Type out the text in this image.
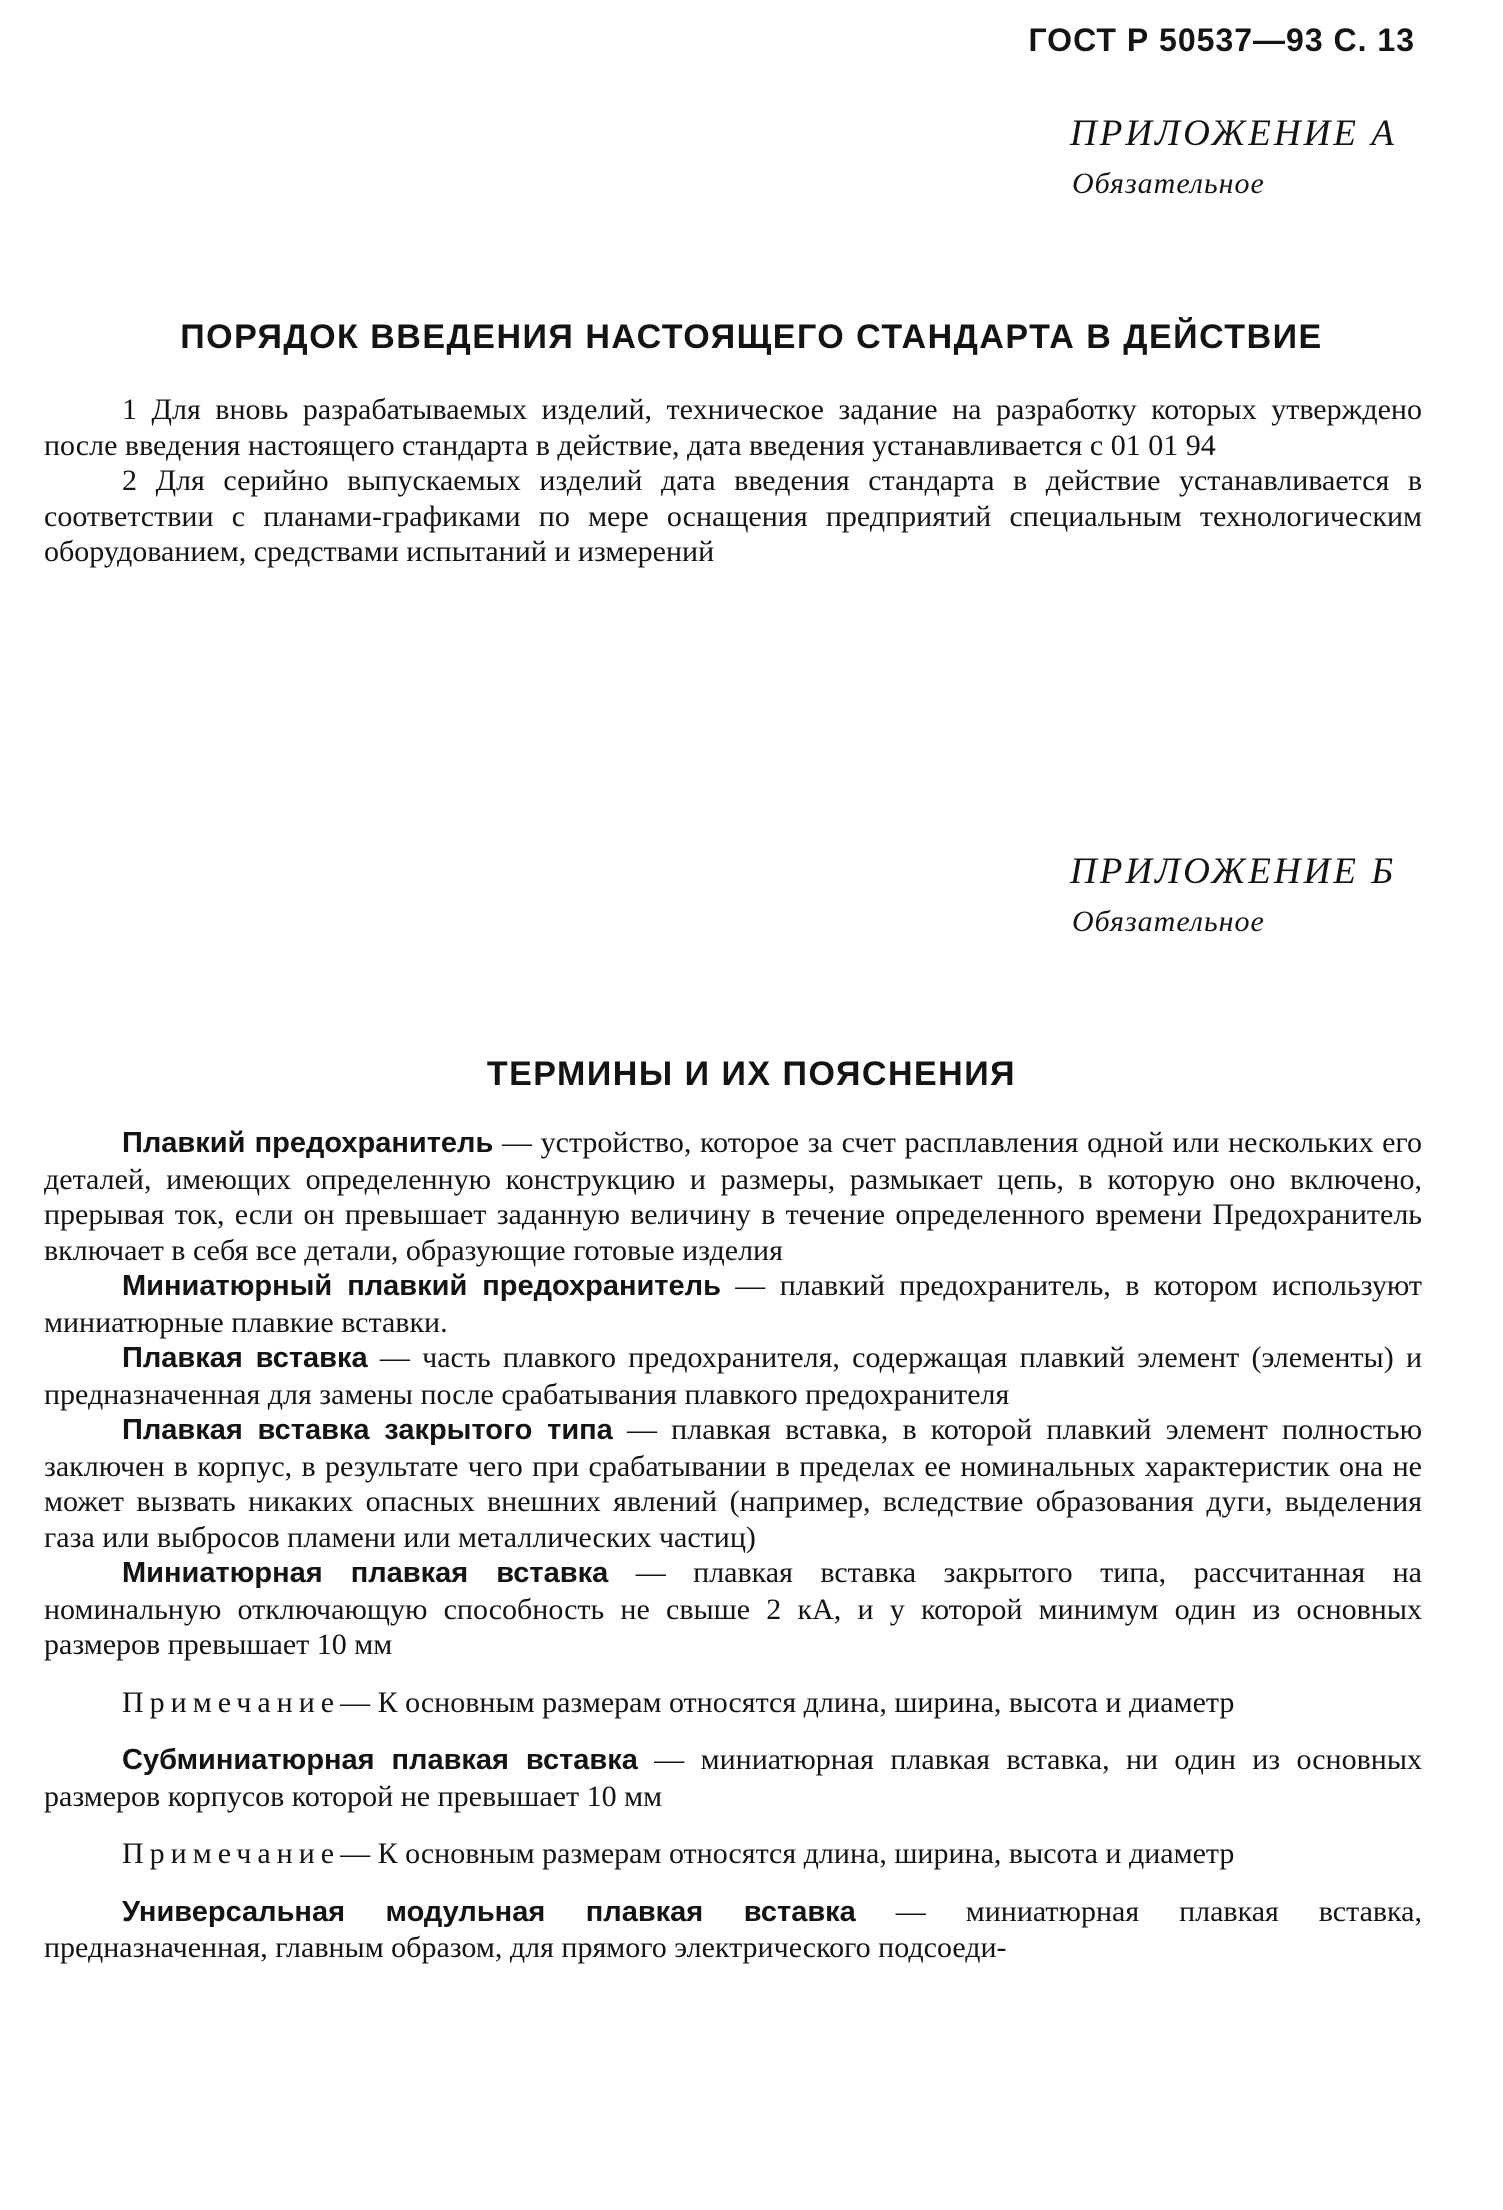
ГОСТ Р 50537—93 С. 13
ПРИЛОЖЕНИЕ А
Обязательное
ПОРЯДОК ВВЕДЕНИЯ НАСТОЯЩЕГО СТАНДАРТА В ДЕЙСТВИЕ

1 Для вновь разрабатываемых изделий, техническое задание на разработку которых утверждено после введения настоящего стандарта в действие, дата введения устанавливается с 01 01 94

2 Для серийно выпускаемых изделий дата введения стандарта в действие устанавливается в соответствии с планами-графиками по мере оснащения предприятий специальным технологическим оборудованием, средствами испытаний и измерений

ПРИЛОЖЕНИЕ Б
Обязательное
ТЕРМИНЫ И ИХ ПОЯСНЕНИЯ

Плавкий предохранитель — устройство, которое за счет расплавления одной или нескольких его деталей, имеющих определенную конструкцию и размеры, размыкает цепь, в которую оно включено, прерывая ток, если он превышает заданную величину в течение определенного времени Предохранитель включает в себя все детали, образующие готовые изделия

Миниатюрный плавкий предохранитель — плавкий предохранитель, в котором используют миниатюрные плавкие вставки.

Плавкая вставка — часть плавкого предохранителя, содержащая плавкий элемент (элементы) и предназначенная для замены после срабатывания плавкого предохранителя

Плавкая вставка закрытого типа — плавкая вставка, в которой плавкий элемент полностью заключен в корпус, в результате чего при срабатывании в пределах ее номинальных характеристик она не может вызвать никаких опасных внешних явлений (например, вследствие образования дуги, выделения газа или выбросов пламени или металлических частиц)

Миниатюрная плавкая вставка — плавкая вставка закрытого типа, рассчитанная на номинальную отключающую способность не свыше 2 кА, и у которой минимум один из основных размеров превышает 10 мм

Примечание— К основным размерам относятся длина, ширина, высота и диаметр

Субминиатюрная плавкая вставка — миниатюрная плавкая вставка, ни один из основных размеров корпусов которой не превышает 10 мм

Примечание— К основным размерам относятся длина, ширина, высота и диаметр

Универсальная модульная плавкая вставка — миниатюрная плавкая вставка, предназначенная, главным образом, для прямого электрического подсоеди-
